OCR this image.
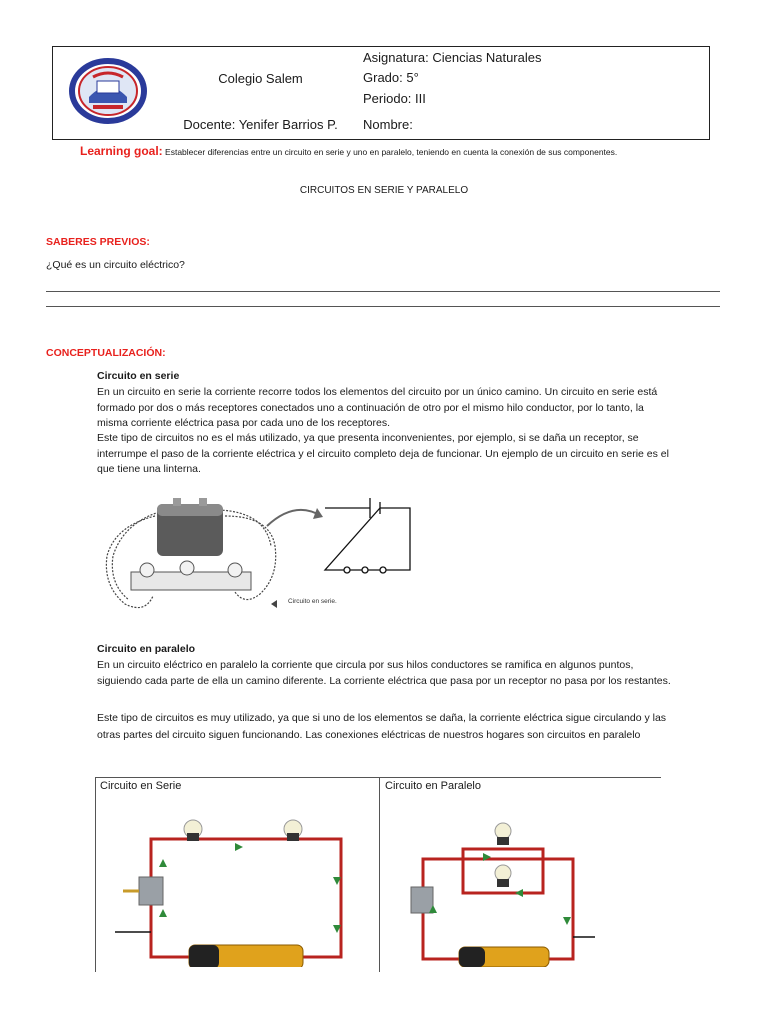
Colegio Salem
Docente: Yenifer Barrios P.
Asignatura: Ciencias Naturales
Grado: 5°
Periodo: III
Nombre:
Learning goal: Establecer diferencias entre un circuito en serie y uno en paralelo, teniendo en cuenta la conexión de sus componentes.
CIRCUITOS EN SERIE Y PARALELO
SABERES PREVIOS:
¿Qué es un circuito eléctrico?
CONCEPTUALIZACIÓN:
Circuito en serie
En un circuito en serie la corriente recorre todos los elementos del circuito por un único camino. Un circuito en serie está formado por dos o más receptores conectados uno a continuación de otro por el mismo hilo conductor, por lo tanto, la misma corriente eléctrica pasa por cada uno de los receptores.
Este tipo de circuitos no es el más utilizado, ya que presenta inconvenientes, por ejemplo, si se daña un receptor, se interrumpe el paso de la corriente eléctrica y el circuito completo deja de funcionar. Un ejemplo de un circuito en serie es el que tiene una linterna.
Circuito en serie.
Circuito en paralelo
En un circuito eléctrico en paralelo la corriente que circula por sus hilos conductores se ramifica en algunos puntos, siguiendo cada parte de ella un camino diferente. La corriente eléctrica que pasa por un receptor no pasa por los restantes.
Este tipo de circuitos es muy utilizado, ya que si uno de los elementos se daña, la corriente eléctrica sigue circulando y las otras partes del circuito siguen funcionando. Las conexiones eléctricas de nuestros hogares son circuitos en paralelo
Circuito en Serie	Circuito en Paralelo
